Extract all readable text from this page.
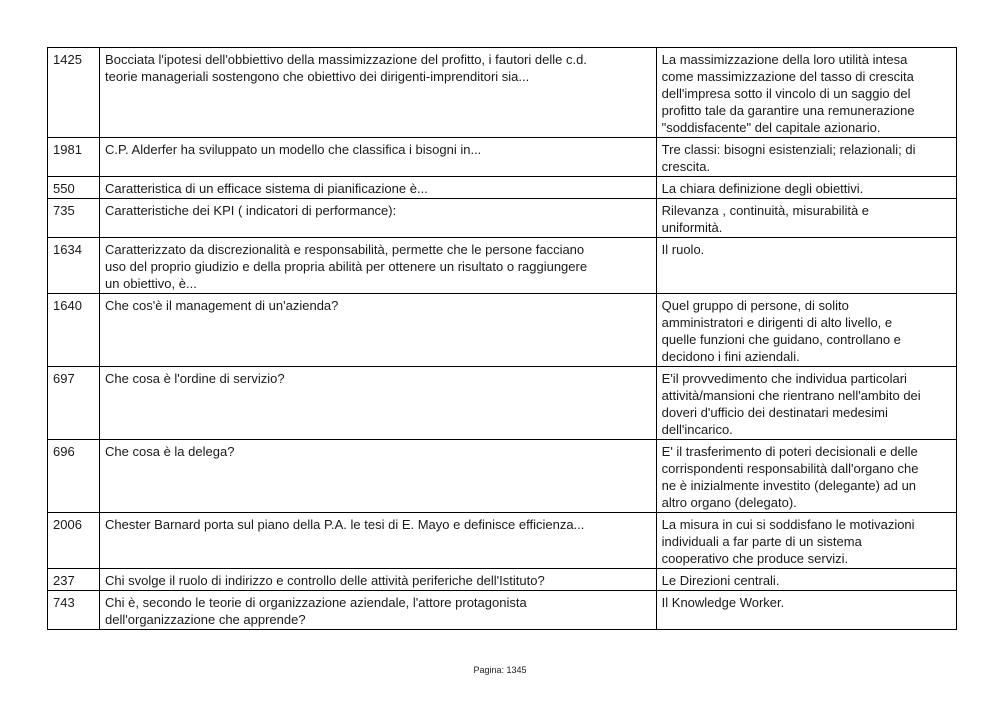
1425	Bocciata l'ipotesi dell'obbiettivo della massimizzazione del profitto, i fautori delle c.d.
teorie manageriali sostengono che obiettivo dei dirigenti-imprenditori sia...	La massimizzazione della loro utilità intesa
come massimizzazione del tasso di crescita
dell'impresa sotto il vincolo di un saggio del
profitto tale da garantire una remunerazione
"soddisfacente" del capitale azionario.
1981	C.P. Alderfer ha sviluppato un modello che classifica i bisogni in...	Tre classi: bisogni esistenziali; relazionali; di
crescita.
550	Caratteristica di un efficace sistema di pianificazione è...	La chiara definizione degli obiettivi.
735	Caratteristiche dei KPI ( indicatori di performance):	Rilevanza , continuità, misurabilità e
uniformità.
1634	Caratterizzato da discrezionalità e responsabilità, permette che le persone facciano
uso del proprio giudizio e della propria abilità per ottenere un risultato o raggiungere
un obiettivo, è...	Il ruolo.
1640	Che cos'è il management di un'azienda?	Quel gruppo di persone, di solito
amministratori e dirigenti di alto livello, e
quelle funzioni che guidano, controllano e
decidono i fini aziendali.
697	Che cosa è l'ordine di servizio?	E'il provvedimento che individua particolari
attività/mansioni che rientrano nell'ambito dei
doveri d'ufficio dei destinatari medesimi
dell'incarico.
696	Che cosa è la delega?	E' il trasferimento di poteri decisionali e delle
corrispondenti responsabilità dall'organo che
ne è inizialmente investito (delegante) ad un
altro organo (delegato).
2006	Chester Barnard porta sul piano della P.A. le tesi di E. Mayo e definisce efficienza...	La misura in cui si soddisfano le motivazioni
individuali a far parte di un sistema
cooperativo che produce servizi.
237	Chi svolge il ruolo di indirizzo e controllo delle attività periferiche dell'Istituto?	Le Direzioni centrali.
743	Chi è, secondo le teorie di organizzazione aziendale, l'attore protagonista
dell'organizzazione che apprende?	Il Knowledge Worker.
Pagina: 1345
